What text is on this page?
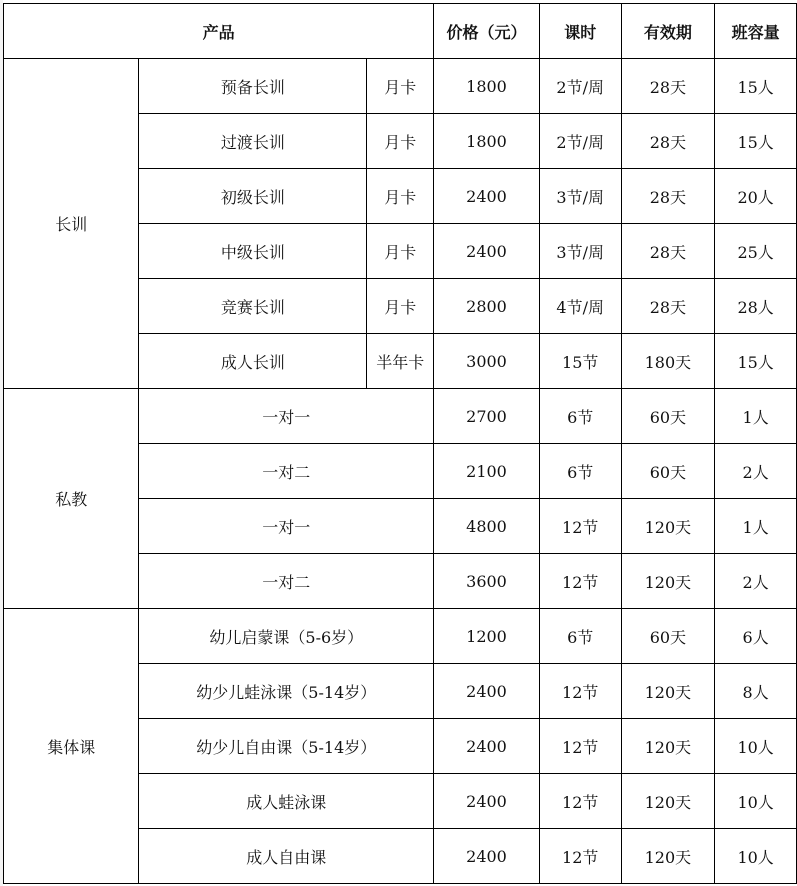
产品			价格（元）	课时	有效期	班容量
长训	预备长训	月卡	1800	2节/周	28天	15人
	过渡长训	月卡	1800	2节/周	28天	15人
	初级长训	月卡	2400	3节/周	28天	20人
	中级长训	月卡	2400	3节/周	28天	25人
	竞赛长训	月卡	2800	4节/周	28天	28人
	成人长训	半年卡	3000	15节	180天	15人
私教	一对一		2700	6节	60天	1人
	一对二		2100	6节	60天	2人
	一对一		4800	12节	120天	1人
	一对二		3600	12节	120天	2人
集体课	幼儿启蒙课（5-6岁）		1200	6节	60天	6人
	幼少儿蛙泳课（5-14岁）		2400	12节	120天	8人
	幼少儿自由课（5-14岁）		2400	12节	120天	10人
	成人蛙泳课		2400	12节	120天	10人
	成人自由课		2400	12节	120天	10人
